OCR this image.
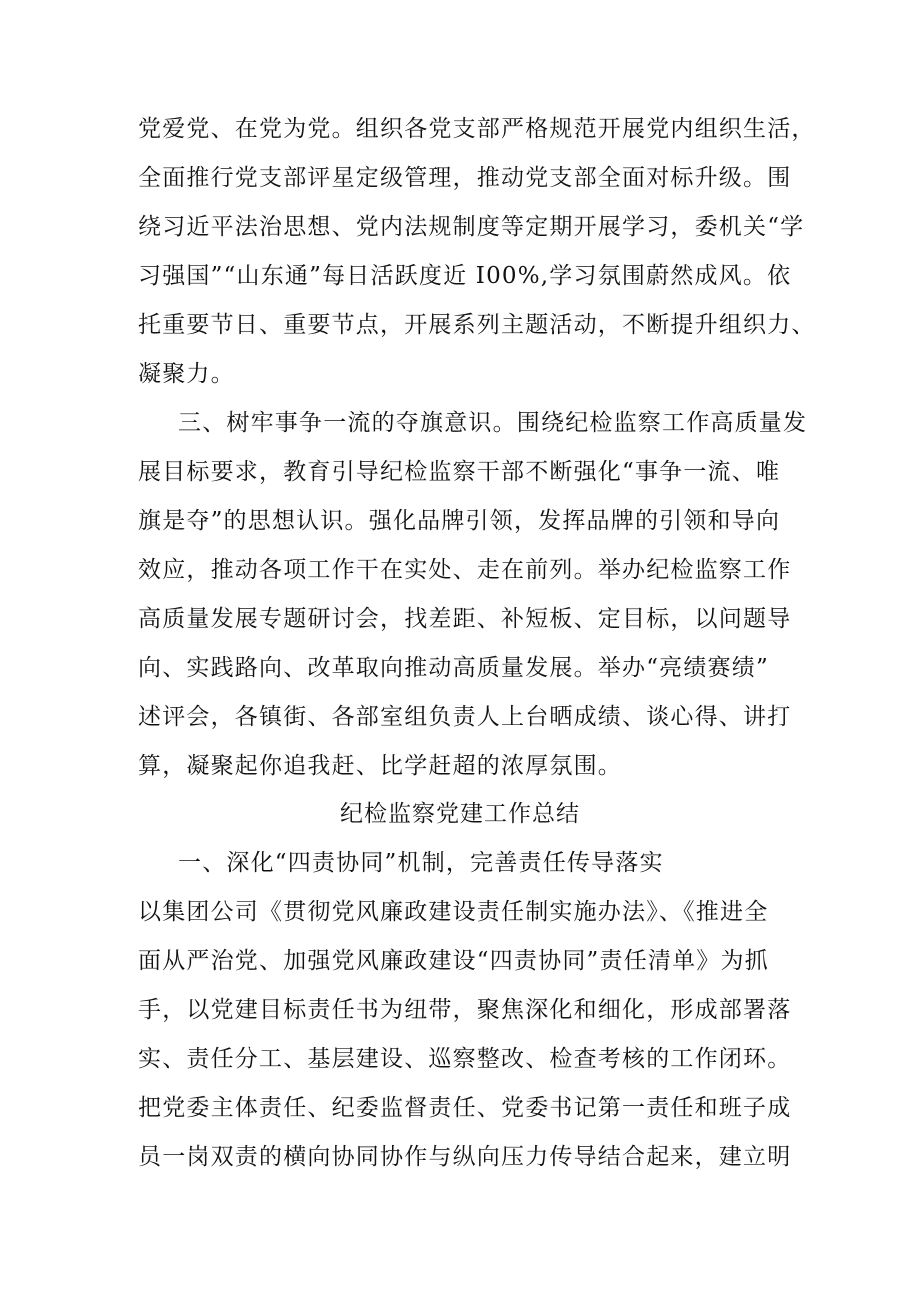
党爱党、在党为党。组织各党支部严格规范开展党内组织生活，
全面推行党支部评星定级管理，推动党支部全面对标升级。围
绕习近平法治思想、党内法规制度等定期开展学习，委机关“学
习强国”“山东通”每日活跃度近 I00%,学习氛围蔚然成风。依
托重要节日、重要节点，开展系列主题活动，不断提升组织力、
凝聚力。
三、树牢事争一流的夺旗意识。围绕纪检监察工作高质量发
展目标要求，教育引导纪检监察干部不断强化“事争一流、唯
旗是夺”的思想认识。强化品牌引领，发挥品牌的引领和导向
效应，推动各项工作干在实处、走在前列。举办纪检监察工作
高质量发展专题研讨会，找差距、补短板、定目标，以问题导
向、实践路向、改革取向推动高质量发展。举办“亮绩赛绩”
述评会，各镇街、各部室组负责人上台晒成绩、谈心得、讲打
算，凝聚起你追我赶、比学赶超的浓厚氛围。
纪检监察党建工作总结
一、深化“四责协同”机制，完善责任传导落实
以集团公司《贯彻党风廉政建设责任制实施办法》、《推进全
面从严治党、加强党风廉政建设“四责协同”责任清单》为抓
手，以党建目标责任书为纽带，聚焦深化和细化，形成部署落
实、责任分工、基层建设、巡察整改、检查考核的工作闭环。
把党委主体责任、纪委监督责任、党委书记第一责任和班子成
员一岗双责的横向协同协作与纵向压力传导结合起来，建立明
